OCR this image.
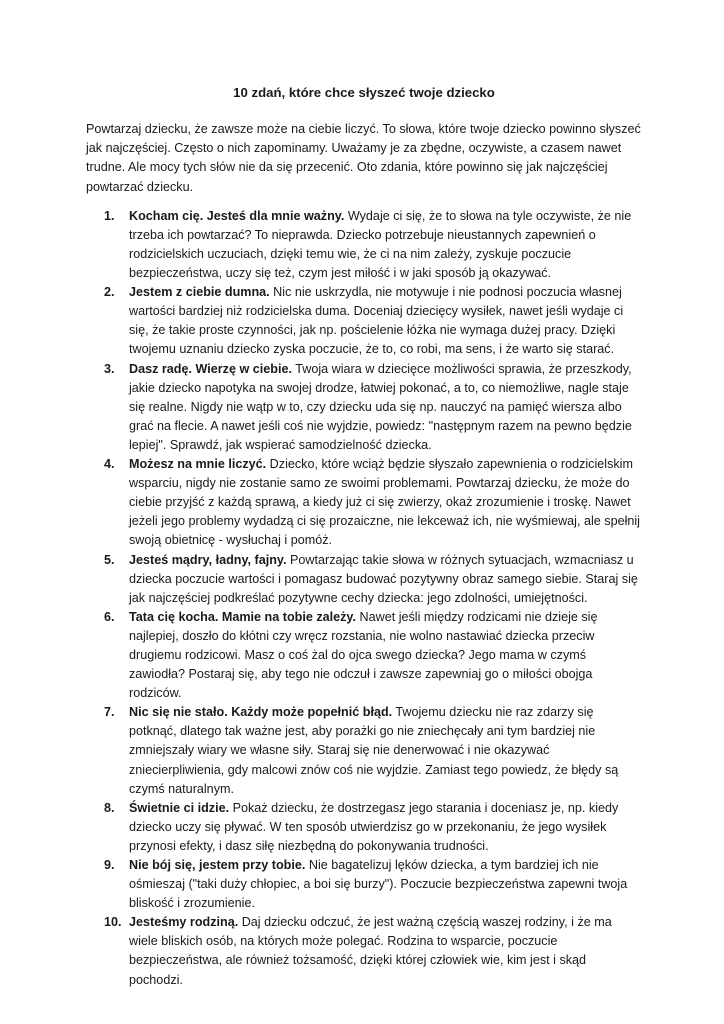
10 zdań, które chce słyszeć twoje dziecko

Powtarzaj dziecku, że zawsze może na ciebie liczyć. To słowa, które twoje dziecko powinno słyszeć jak najczęściej. Często o nich zapominamy. Uważamy je za zbędne, oczywiste, a czasem nawet trudne. Ale mocy tych słów nie da się przecenić. Oto zdania, które powinno się jak najczęściej powtarzać dziecku.

1.	Kocham cię. Jesteś dla mnie ważny. Wydaje ci się, że to słowa na tyle oczywiste, że nie trzeba ich powtarzać? To nieprawda. Dziecko potrzebuje nieustannych zapewnień o rodzicielskich uczuciach, dzięki temu wie, że ci na nim zależy, zyskuje poczucie bezpieczeństwa, uczy się też, czym jest miłość i w jaki sposób ją okazywać.
2.	Jestem z ciebie dumna. Nic nie uskrzydla, nie motywuje i nie podnosi poczucia własnej wartości bardziej niż rodzicielska duma. Doceniaj dziecięcy wysiłek, nawet jeśli wydaje ci się, że takie proste czynności, jak np. pościelenie łóżka nie wymaga dużej pracy. Dzięki twojemu uznaniu dziecko zyska poczucie, że to, co robi, ma sens, i że warto się starać.
3.	Dasz radę. Wierzę w ciebie. Twoja wiara w dziecięce możliwości sprawia, że przeszkody, jakie dziecko napotyka na swojej drodze, łatwiej pokonać, a to, co niemożliwe, nagle staje się realne. Nigdy nie wątp w to, czy dziecku uda się np. nauczyć na pamięć wiersza albo grać na flecie. A nawet jeśli coś nie wyjdzie, powiedz: "następnym razem na pewno będzie lepiej". Sprawdź, jak wspierać samodzielność dziecka.
4.	Możesz na mnie liczyć. Dziecko, które wciąż będzie słyszało zapewnienia o rodzicielskim wsparciu, nigdy nie zostanie samo ze swoimi problemami. Powtarzaj dziecku, że może do ciebie przyjść z każdą sprawą, a kiedy już ci się zwierzy, okaż zrozumienie i troskę. Nawet jeżeli jego problemy wydadzą ci się prozaiczne, nie lekceważ ich, nie wyśmiewaj, ale spełnij swoją obietnicę - wysłuchaj i pomóż.
5.	Jesteś mądry, ładny, fajny. Powtarzając takie słowa w różnych sytuacjach, wzmacniasz u dziecka poczucie wartości i pomagasz budować pozytywny obraz samego siebie. Staraj się jak najczęściej podkreślać pozytywne cechy dziecka: jego zdolności, umiejętności.
6.	Tata cię kocha. Mamie na tobie zależy. Nawet jeśli między rodzicami nie dzieje się najlepiej, doszło do kłótni czy wręcz rozstania, nie wolno nastawiać dziecka przeciw drugiemu rodzicowi. Masz o coś żal do ojca swego dziecka? Jego mama w czymś zawiodła? Postaraj się, aby tego nie odczuł i zawsze zapewniaj go o miłości obojga rodziców.
7.	Nic się nie stało. Każdy może popełnić błąd. Twojemu dziecku nie raz zdarzy się potknąć, dlatego tak ważne jest, aby porażki go nie zniechęcały ani tym bardziej nie zmniejszały wiary we własne siły. Staraj się nie denerwować i nie okazywać zniecierpliwienia, gdy malcowi znów coś nie wyjdzie. Zamiast tego powiedz, że błędy są czymś naturalnym.
8.	Świetnie ci idzie. Pokaż dziecku, że dostrzegasz jego starania i doceniasz je, np. kiedy dziecko uczy się pływać. W ten sposób utwierdzisz go w przekonaniu, że jego wysiłek przynosi efekty, i dasz siłę niezbędną do pokonywania trudności.
9.	Nie bój się, jestem przy tobie. Nie bagatelizuj lęków dziecka, a tym bardziej ich nie ośmieszaj ("taki duży chłopiec, a boi się burzy"). Poczucie bezpieczeństwa zapewni twoja bliskość i zrozumienie.
10. Jesteśmy rodziną. Daj dziecku odczuć, że jest ważną częścią waszej rodziny, i że ma wiele bliskich osób, na których może polegać. Rodzina to wsparcie, poczucie bezpieczeństwa, ale również tożsamość, dzięki której człowiek wie, kim jest i skąd pochodzi.
